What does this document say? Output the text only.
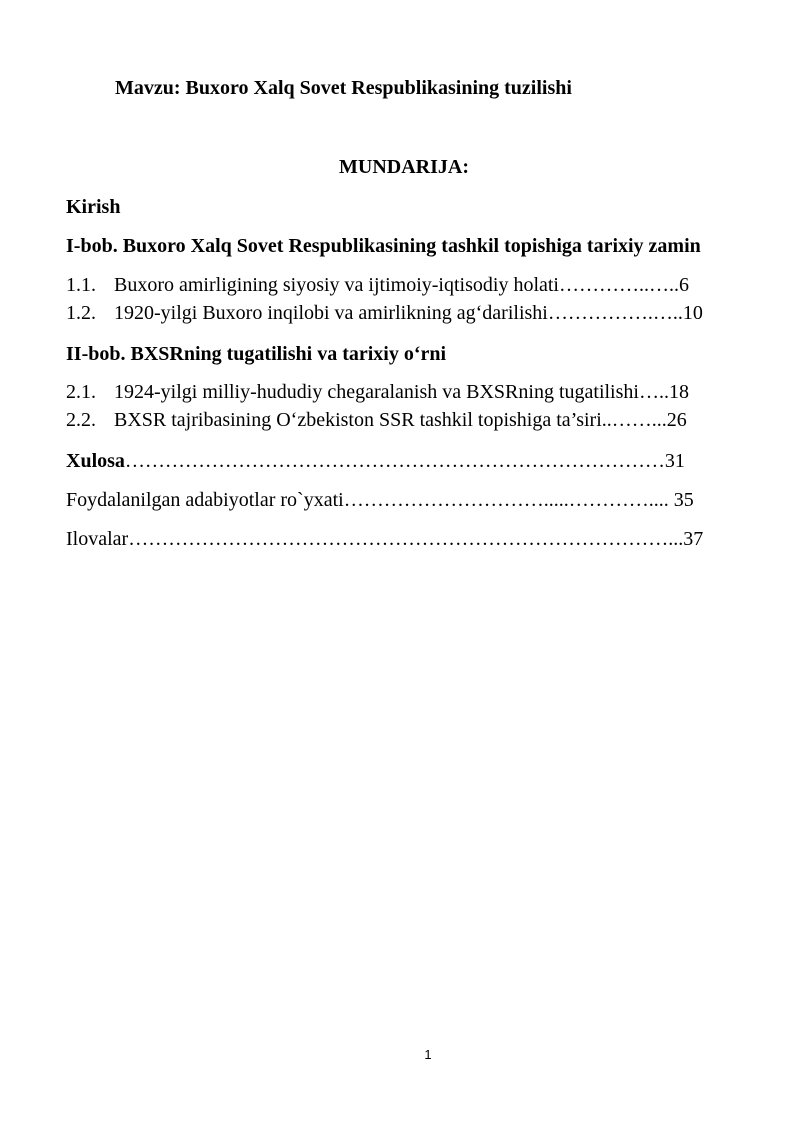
Mavzu: Buxoro Xalq Sovet Respublikasining tuzilishi
MUNDARIJA:
Kirish
I-bob. Buxoro Xalq Sovet Respublikasining tashkil topishiga tarixiy zamin
1.1. Buxoro amirligining siyosiy va ijtimoiy-iqtisodiy holati…………..…..6
1.2. 1920-yilgi Buxoro inqilobi va amirlikning ag‘darilishi…………….…..10
II-bob. BXSRning tugatilishi va tarixiy o‘rni
2.1. 1924-yilgi milliy-hududiy chegaralanish va BXSRning tugatilishi…..18
2.2. BXSR tajribasining O‘zbekiston SSR tashkil topishiga ta’siri..……...26
Xulosa………………………………………………………………………31
Foydalanilgan adabiyotlar ro`yxati………………………….....………….... 35
Ilovalar………………………………………………………………………...37
1
